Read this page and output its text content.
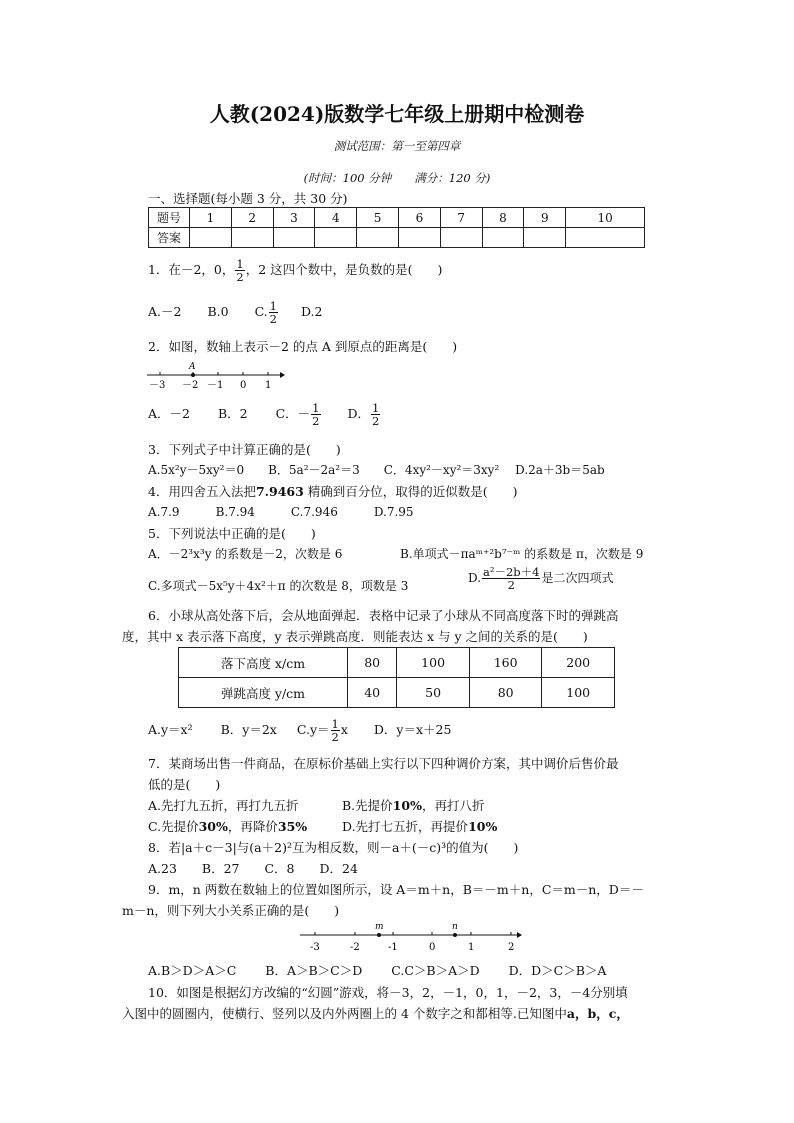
人教(2024)版数学七年级上册期中检测卷
测试范围：第一至第四章
(时间：100 分钟　　满分：120 分)
一、选择题(每小题 3 分，共 30 分)
题号	1	2	3	4	5	6	7	8	9	10
答案										
1．在－2，0， $\frac{1}{2}$ ，2 这四个数中，是负数的是(　　)
A.－2 B.0 C. $\frac{1}{2} D.2$
2．如图，数轴上表示－2 的点 A 到原点的距离是(　　)
A
－3 －2 －1 0 1
A．－2 B．2 C．－ $\frac{1}{2}$ D． $\frac{1}{2}$
3．下列式子中计算正确的是(　　)
A.5x²y－5xy²＝0　　B．5a²－2a²＝3　　C．4xy²－xy²＝3xy²　 D.2a＋3b＝5ab
4．用四舍五入法把7.9463 精确到百分位，取得的近似数是(　　)
A.7.9　　　B.7.94　　　C.7.946　　　D.7.95
5．下列说法中正确的是(　　)
A．－2³x³y 的系数是－2，次数是 6	B.单项式－πaᵐ⁺²b⁷⁻ᵐ 的系数是 π，次数是 9
C.多项式－5x⁵y＋4x²＋π 的次数是 8，项数是 3
D. $\frac{\text{a²－2b＋4}}{2}$ 是二次四项式
6．小球从高处落下后，会从地面弹起．表格中记录了小球从不同高度落下时的弹跳高
度，其中 x 表示落下高度，y 表示弹跳高度．则能表达 x 与 y 之间的关系的是(　　)
落下高度 x/cm	80	100	160	200
弹跳高度 y/cm	40	50	80	100
A.y＝x² B．y＝2x $C.y= \frac{1}{2}$ x D．y＝x＋25
7．某商场出售一件商品，在原标价基础上实行以下四种调价方案，其中调价后售价最
低的是(　　)
A.先打九五折，再打九五折	B.先提价10%，再打八折
C.先提价30%，再降价35%	D.先打七五折，再提价10%
8．若|a＋c－3|与(a＋2)²互为相反数，则－a＋(－c)³的值为(　　)
A.23　　B．27　　C．8　　D．24
9．m，n 两数在数轴上的位置如图所示，设 A＝m＋n，B＝－m＋n，C＝m－n，D＝－
m－n，则下列大小关系正确的是(　　)
m	n
-3	-2	-1	0	1	2
A.B＞D＞A＞C　　 B．A＞B＞C＞D　　 C.C＞B＞A＞D　　 D．D＞C＞B＞A
10．如图是根据幻方改编的“幻圆”游戏，将－3，2，－1，0，1，－2，3，－4分别填
入图中的圆圈内，使横行、竖列以及内外两圈上的 4 个数字之和都相等.已知图中a，b，c，
